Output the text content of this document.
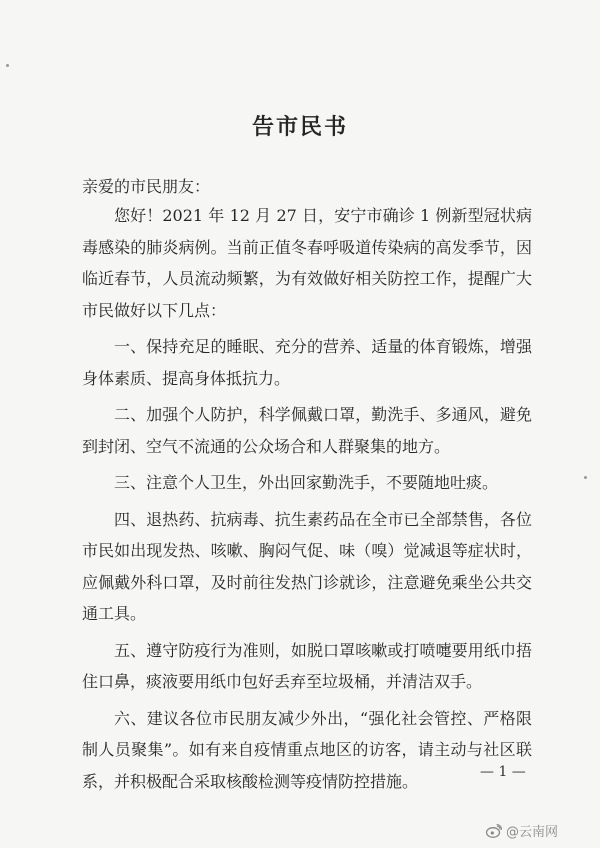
告市民书

亲爱的市民朋友：

您好！2021 年 12 月 27 日，安宁市确诊 1 例新型冠状病毒感染的肺炎病例。当前正值冬春呼吸道传染病的高发季节，因临近春节，人员流动频繁，为有效做好相关防控工作，提醒广大市民做好以下几点：

一、保持充足的睡眠、充分的营养、适量的体育锻炼，增强身体素质、提高身体抵抗力。

二、加强个人防护，科学佩戴口罩，勤洗手、多通风，避免到封闭、空气不流通的公众场合和人群聚集的地方。

三、注意个人卫生，外出回家勤洗手，不要随地吐痰。

四、退热药、抗病毒、抗生素药品在全市已全部禁售，各位市民如出现发热、咳嗽、胸闷气促、味（嗅）觉减退等症状时，应佩戴外科口罩，及时前往发热门诊就诊，注意避免乘坐公共交通工具。

五、遵守防疫行为准则，如脱口罩咳嗽或打喷嚏要用纸巾捂住口鼻，痰液要用纸巾包好丢弃至垃圾桶，并清洁双手。

六、建议各位市民朋友减少外出，“强化社会管控、严格限制人员聚集”。如有来自疫情重点地区的访客，请主动与社区联系，并积极配合采取核酸检测等疫情防控措施。	— 1 —
@云南网
